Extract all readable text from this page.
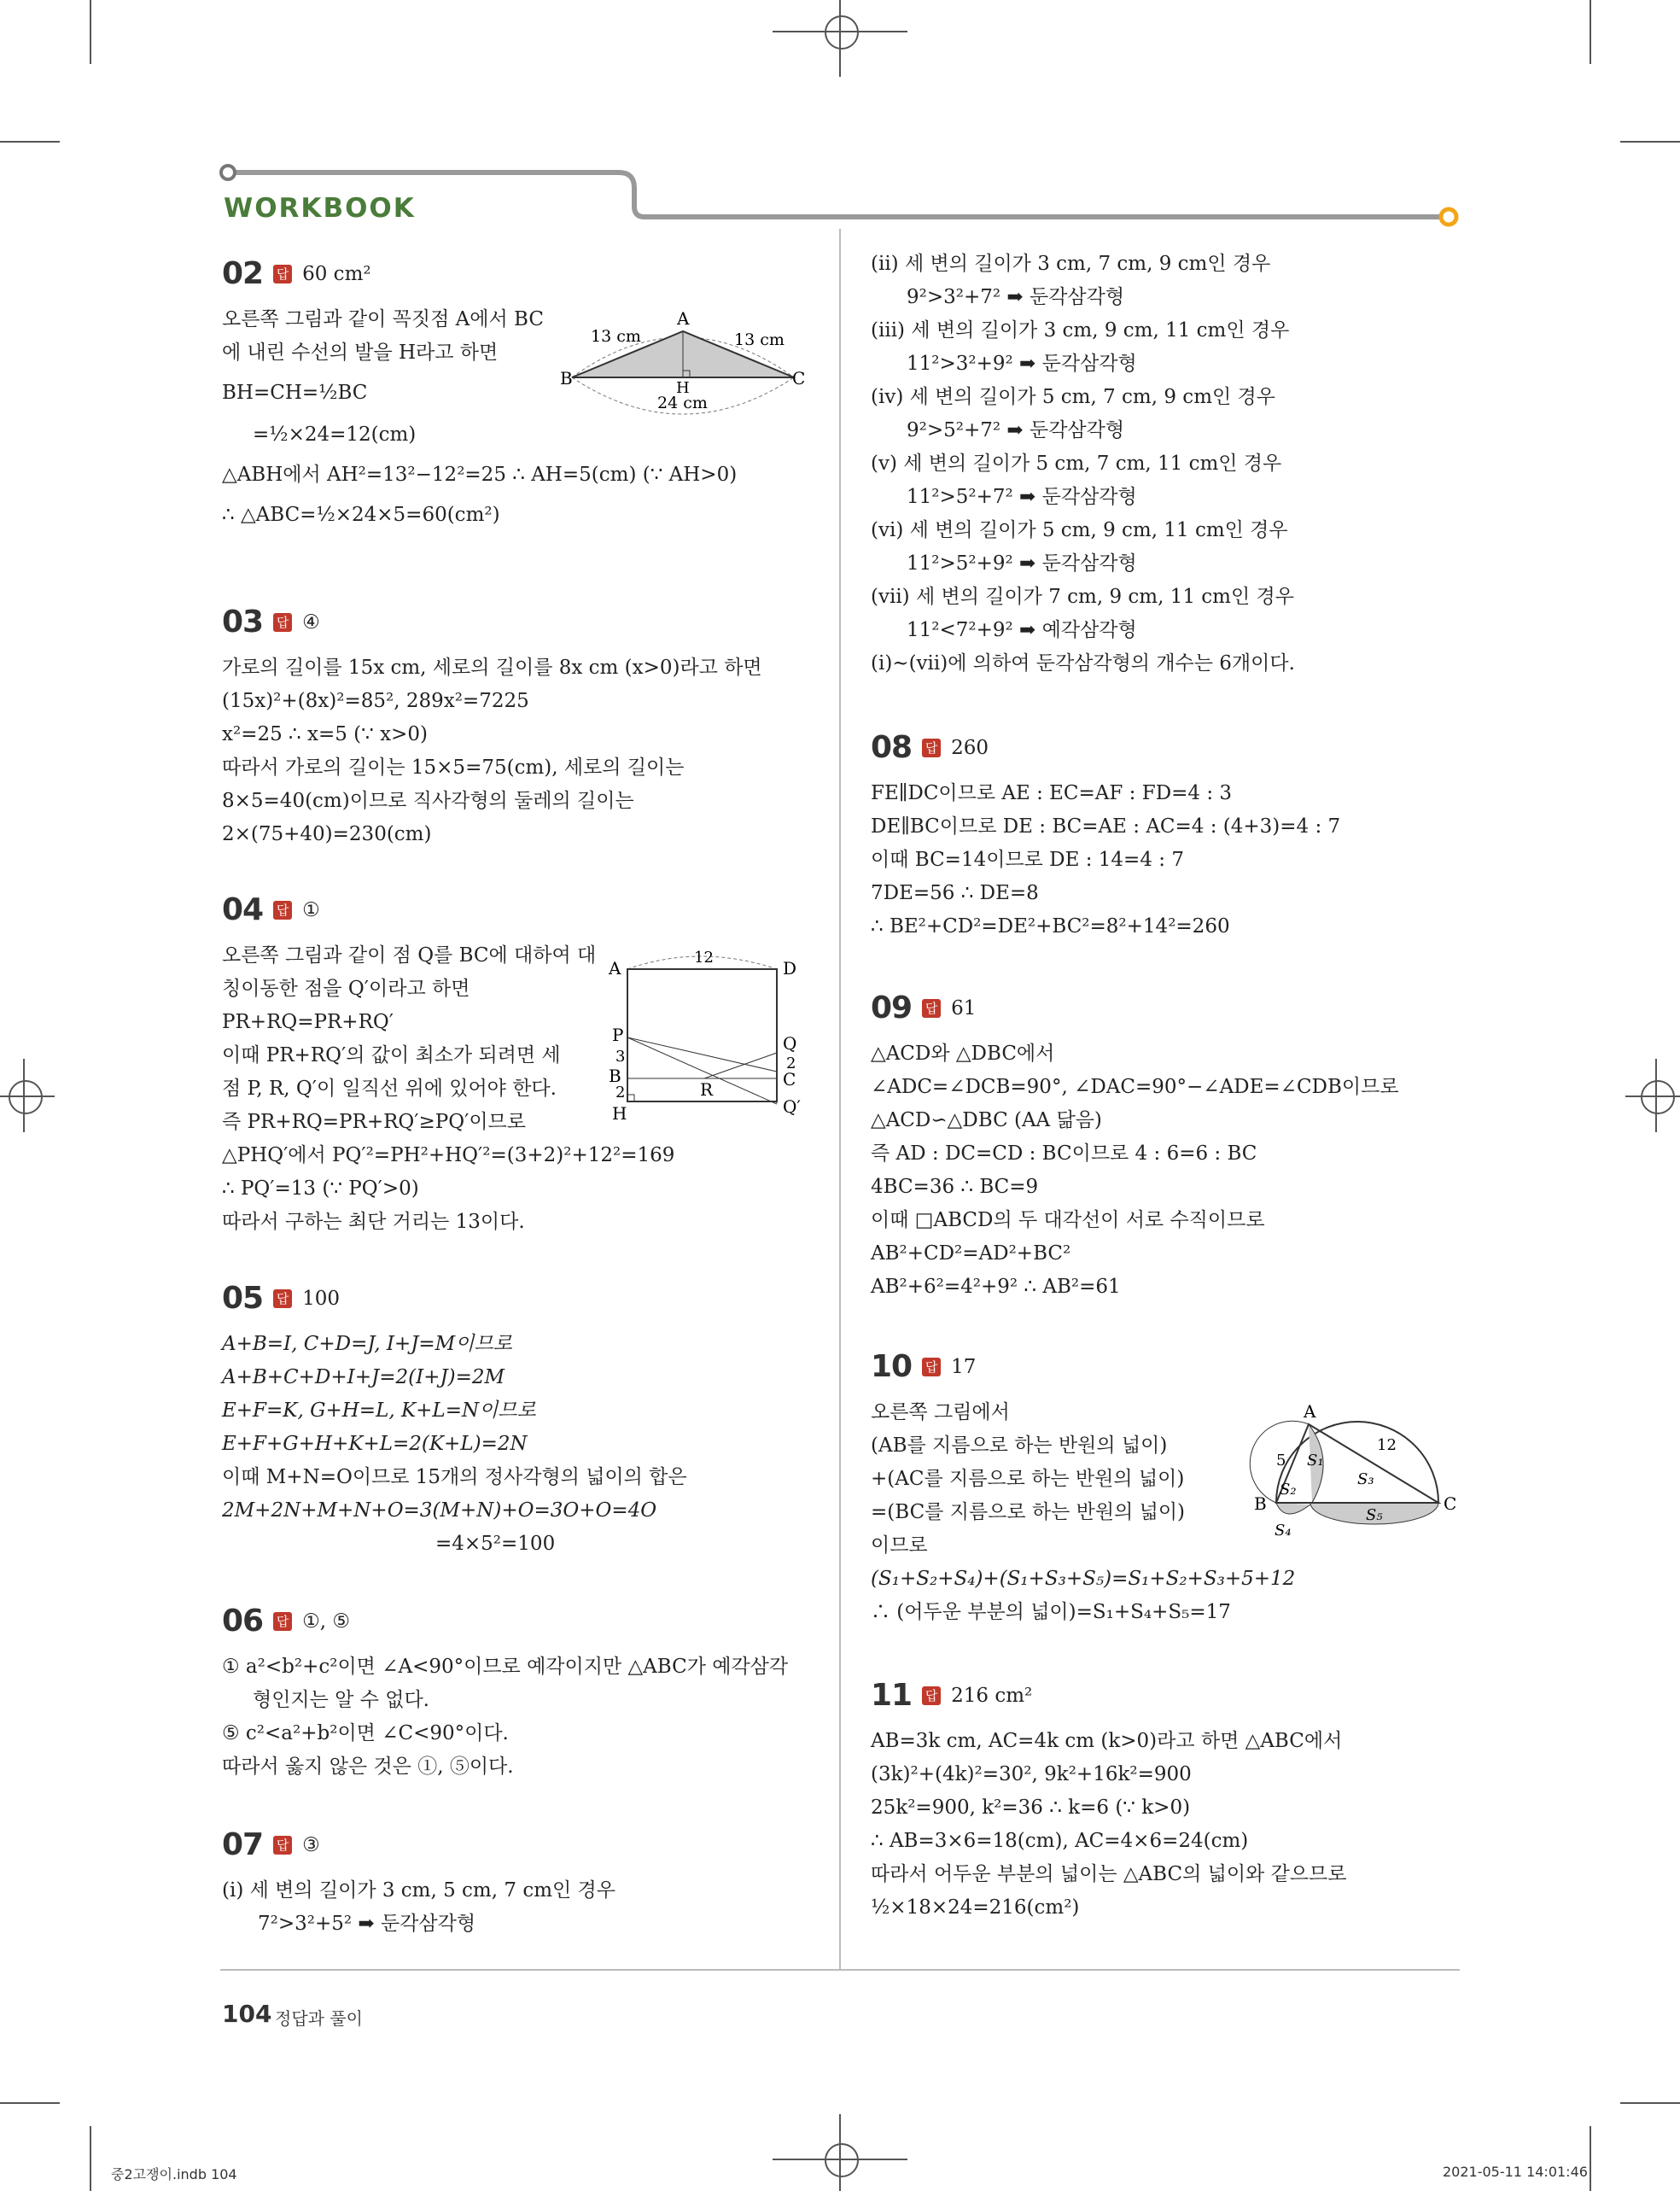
WORKBOOK
02 답 60 cm²
오른쪽 그림과 같이 꼭짓점 A에서 BC
에 내린 수선의 발을 H라고 하면
BH=CH=½BC
=½×24=12(cm)
△ABH에서 AH²=13²−12²=25 ∴ AH=5(cm) (∵ AH>0)
∴ △ABC=½×24×5=60(cm²)
A
B	C
H
13 cm	13 cm
24 cm
03 답 ④
가로의 길이를 15x cm, 세로의 길이를 8x cm (x>0)라고 하면
(15x)²+(8x)²=85², 289x²=7225
x²=25 ∴ x=5 (∵ x>0)
따라서 가로의 길이는 15×5=75(cm), 세로의 길이는
8×5=40(cm)이므로 직사각형의 둘레의 길이는
2×(75+40)=230(cm)
04 답 ①
오른쪽 그림과 같이 점 Q를 BC에 대하여 대
칭이동한 점을 Q′이라고 하면
PR+RQ=PR+RQ′
이때 PR+RQ′의 값이 최소가 되려면 세
점 P, R, Q′이 일직선 위에 있어야 한다.
즉 PR+RQ=PR+RQ′≥PQ′이므로
△PHQ′에서 PQ′²=PH²+HQ′²=(3+2)²+12²=169
∴ PQ′=13 (∵ PQ′>0)
따라서 구하는 최단 거리는 13이다.
A	D
P
3
B
2
H
Q
2
C
Q′
R
12
05 답 100
A+B=I, C+D=J, I+J=M이므로
A+B+C+D+I+J=2(I+J)=2M
E+F=K, G+H=L, K+L=N이므로
E+F+G+H+K+L=2(K+L)=2N
이때 M+N=O이므로 15개의 정사각형의 넓이의 합은
2M+2N+M+N+O=3(M+N)+O=3O+O=4O
=4×5²=100
06 답 ①, ⑤
① a²<b²+c²이면 ∠A<90°이므로 예각이지만 △ABC가 예각삼각
형인지는 알 수 없다.
⑤ c²<a²+b²이면 ∠C<90°이다.
따라서 옳지 않은 것은 ①, ⑤이다.
07 답 ③
(ⅰ) 세 변의 길이가 3 cm, 5 cm, 7 cm인 경우
7²>3²+5² ➡ 둔각삼각형
(ⅱ) 세 변의 길이가 3 cm, 7 cm, 9 cm인 경우
9²>3²+7² ➡ 둔각삼각형
(ⅲ) 세 변의 길이가 3 cm, 9 cm, 11 cm인 경우
11²>3²+9² ➡ 둔각삼각형
(ⅳ) 세 변의 길이가 5 cm, 7 cm, 9 cm인 경우
9²>5²+7² ➡ 둔각삼각형
(ⅴ) 세 변의 길이가 5 cm, 7 cm, 11 cm인 경우
11²>5²+7² ➡ 둔각삼각형
(ⅵ) 세 변의 길이가 5 cm, 9 cm, 11 cm인 경우
11²>5²+9² ➡ 둔각삼각형
(ⅶ) 세 변의 길이가 7 cm, 9 cm, 11 cm인 경우
11²<7²+9² ➡ 예각삼각형
(ⅰ)~(ⅶ)에 의하여 둔각삼각형의 개수는 6개이다.
08 답 260
FE∥DC이므로 AE : EC=AF : FD=4 : 3
DE∥BC이므로 DE : BC=AE : AC=4 : (4+3)=4 : 7
이때 BC=14이므로 DE : 14=4 : 7
7DE=56 ∴ DE=8
∴ BE²+CD²=DE²+BC²=8²+14²=260
09 답 61
△ACD와 △DBC에서
∠ADC=∠DCB=90°, ∠DAC=90°−∠ADE=∠CDB이므로
△ACD∽△DBC (AA 닮음)
즉 AD : DC=CD : BC이므로 4 : 6=6 : BC
4BC=36 ∴ BC=9
이때 □ABCD의 두 대각선이 서로 수직이므로
AB²+CD²=AD²+BC²
AB²+6²=4²+9² ∴ AB²=61
10 답 17
오른쪽 그림에서
(AB를 지름으로 하는 반원의 넓이)
+(AC를 지름으로 하는 반원의 넓이)
=(BC를 지름으로 하는 반원의 넓이)
이므로
(S₁+S₂+S₄)+(S₁+S₃+S₅)=S₁+S₂+S₃+5+12
∴ (어두운 부분의 넓이)=S₁+S₄+S₅=17
A
B	C
5
12
S₁
S₂
S₃
S₄
S₅
11 답 216 cm²
AB=3k cm, AC=4k cm (k>0)라고 하면 △ABC에서
(3k)²+(4k)²=30², 9k²+16k²=900
25k²=900, k²=36 ∴ k=6 (∵ k>0)
∴ AB=3×6=18(cm), AC=4×6=24(cm)
따라서 어두운 부분의 넓이는 △ABC의 넓이와 같으므로
½×18×24=216(cm²)
104 정답과 풀이
중2고쟁이.indb 104	2021-05-11 14:01:46
